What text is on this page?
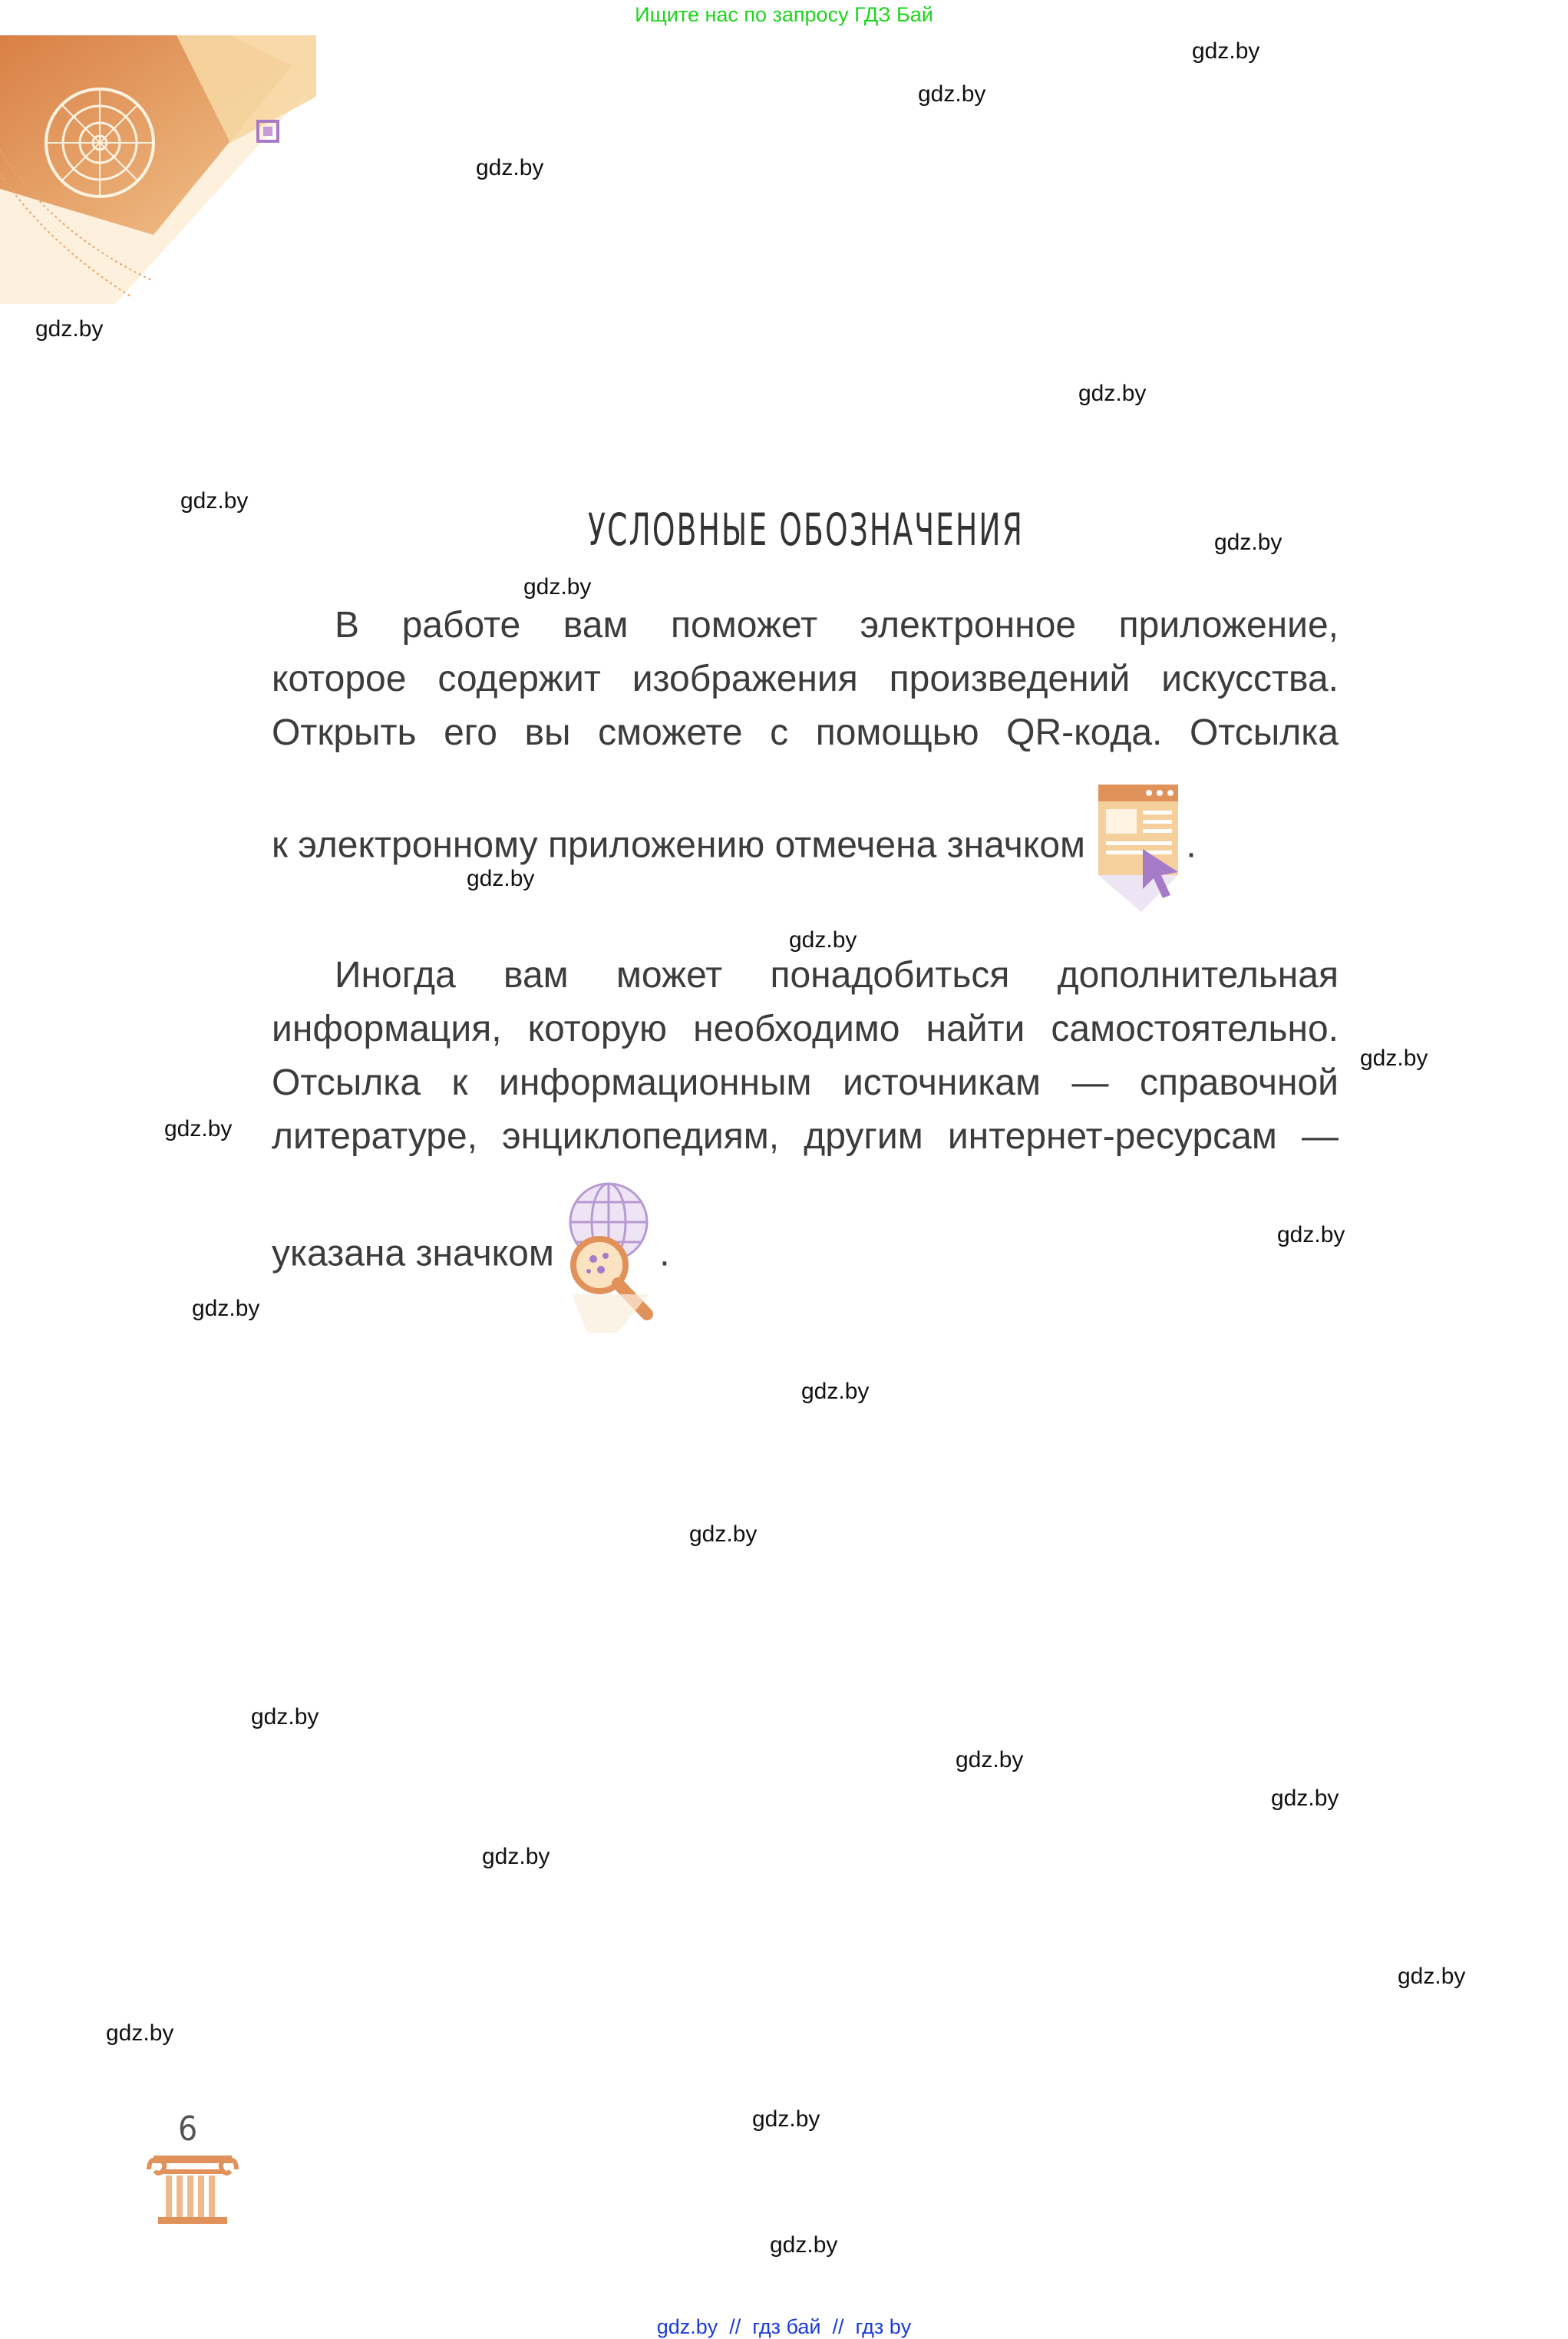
Ищите нас по запросу ГДЗ Бай
УСЛОВНЫЕ ОБОЗНАЧЕНИЯ
В работе вам поможет электронное приложение,
которое содержит изображения произведений искусства.
Открыть его вы сможете с помощью QR-кода. Отсылка
к электронному приложению отмечена значком	.
Иногда вам может понадобиться дополнительная
информация, которую необходимо найти самостоятельно.
Отсылка к информационным источникам — справочной
литературе, энциклопедиям, другим интернет-ресурсам —
указана значком	.
gdz.by
gdz.by
gdz.by
gdz.by
gdz.by
gdz.by
gdz.by
gdz.by
gdz.by
gdz.by
gdz.by
gdz.by
gdz.by
gdz.by
gdz.by
gdz.by
gdz.by
gdz.by
gdz.by
gdz.by
gdz.by
gdz.by
gdz.by
gdz.by
6
gdz.by  //  гдз бай  //  гдз by
